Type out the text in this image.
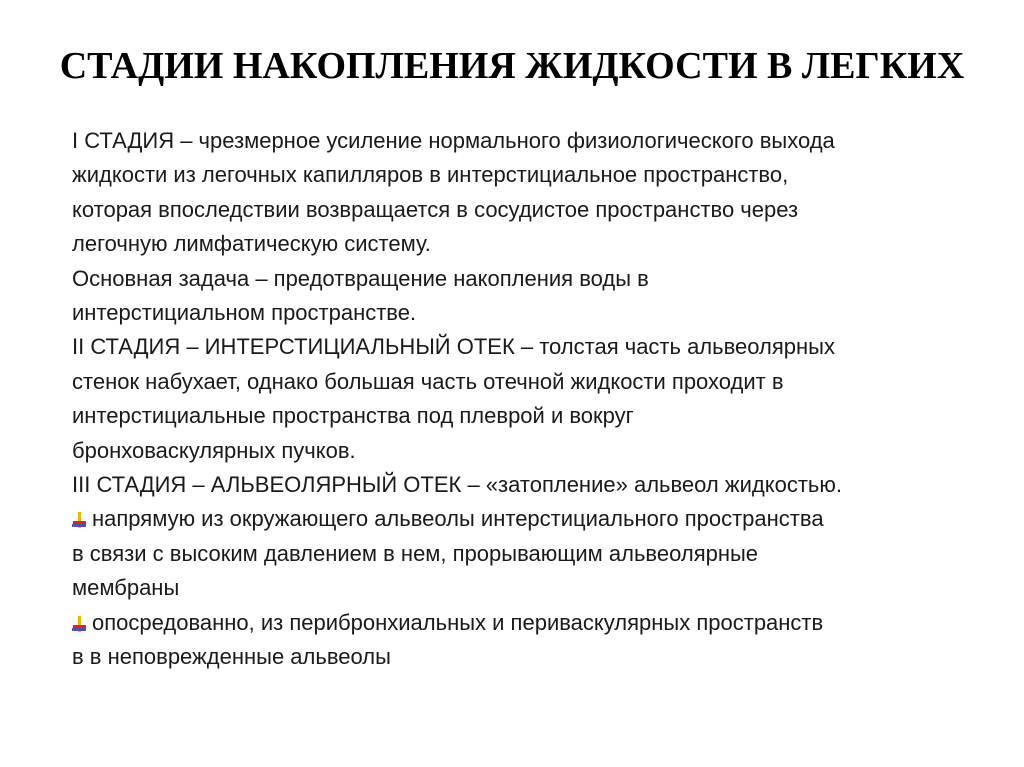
СТАДИИ НАКОПЛЕНИЯ ЖИДКОСТИ В ЛЕГКИХ
I СТАДИЯ – чрезмерное усиление нормального физиологического выхода
жидкости из легочных капилляров в интерстициальное пространство,
которая впоследствии возвращается в сосудистое пространство через
легочную лимфатическую систему.
Основная задача – предотвращение накопления воды в
интерстициальном пространстве.
II СТАДИЯ – ИНТЕРСТИЦИАЛЬНЫЙ ОТЕК – толстая часть альвеолярных
стенок набухает, однако большая часть отечной жидкости проходит в
интерстициальные пространства под плеврой и вокруг
бронховаскулярных пучков.
III СТАДИЯ – АЛЬВЕОЛЯРНЫЙ ОТЕК – «затопление» альвеол жидкостью.
напрямую из окружающего альвеолы интерстициального пространства
в связи с высоким давлением в нем, прорывающим альвеолярные
мембраны
опосредованно, из перибронхиальных и периваскулярных пространств
в в неповрежденные альвеолы
